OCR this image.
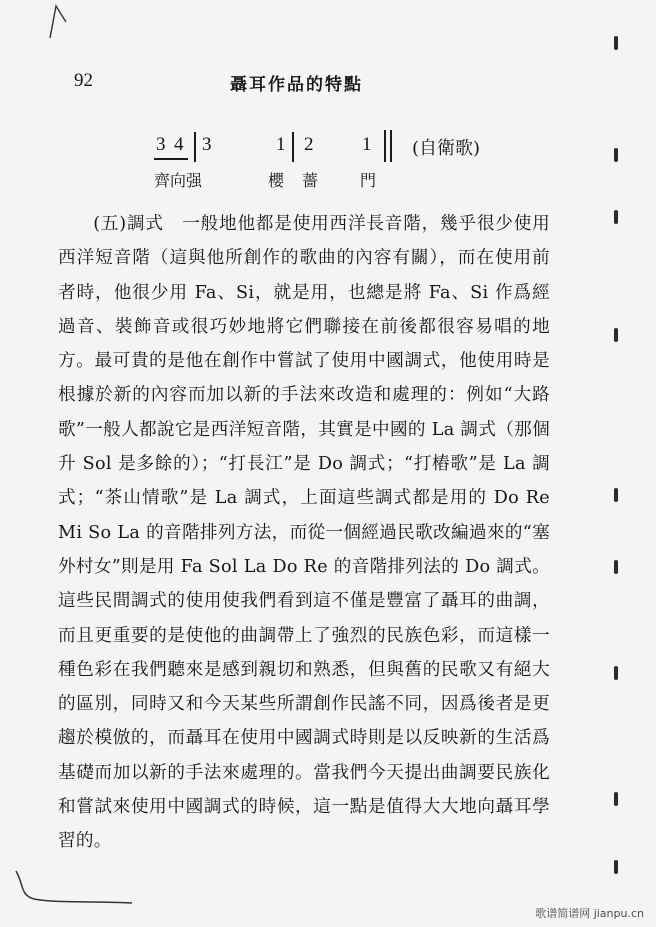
92	聶耳作品的特點
3 4 3	1 2	1 (自衛歌)
齊向强	櫻 薔	門

(五)調式　一般地他都是使用西洋長音階，幾乎很少使用西洋短音階（這與他所創作的歌曲的內容有關），而在使用前者時，他很少用 Fa、Si，就是用，也總是將 Fa、Si 作爲經過音、裝飾音或很巧妙地將它們聯接在前後都很容易唱的地方。最可貴的是他在創作中嘗試了使用中國調式，他使用時是根據於新的內容而加以新的手法來改造和處理的：例如“大路歌”一般人都說它是西洋短音階，其實是中國的 La 調式（那個升 Sol 是多餘的）；“打長江”是 Do 調式；“打樁歌”是 La 調式；“茶山情歌”是 La 調式，上面這些調式都是用的 Do Re Mi So La 的音階排列方法，而從一個經過民歌改編過來的“塞外村女”則是用 Fa Sol La Do Re 的音階排列法的 Do 調式。這些民間調式的使用使我們看到這不僅是豐富了聶耳的曲調，而且更重要的是使他的曲調帶上了強烈的民族色彩，而這樣一種色彩在我們聽來是感到親切和熟悉，但與舊的民歌又有絕大的區別，同時又和今天某些所謂創作民謠不同，因爲後者是更趨於模倣的，而聶耳在使用中國調式時則是以反映新的生活爲基礎而加以新的手法來處理的。當我們今天提出曲調要民族化和嘗試來使用中國調式的時候，這一點是值得大大地向聶耳學習的。

歌谱简谱网 jianpu.cn
